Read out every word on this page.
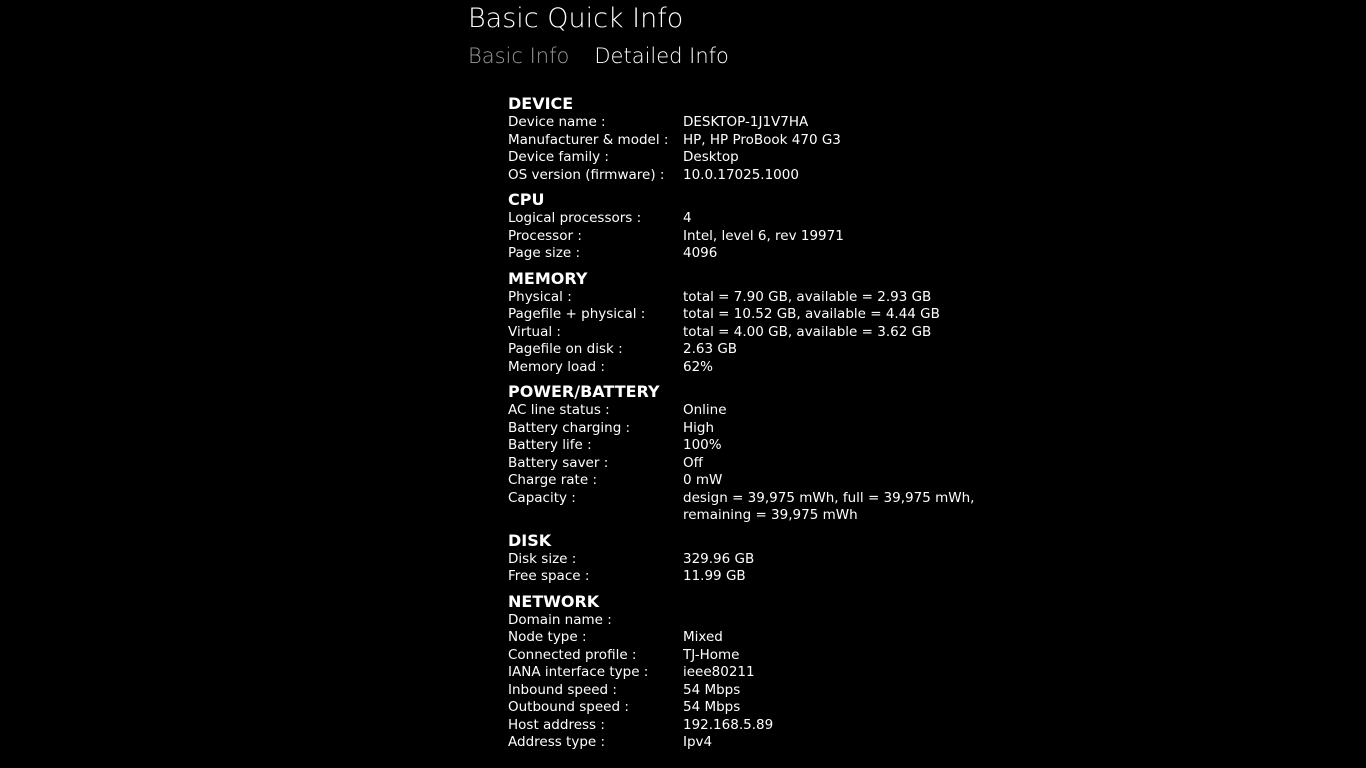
Basic Quick Info
Basic Info Detailed Info
DEVICE
Device name :	DESKTOP-1J1V7HA
Manufacturer & model :	HP, HP ProBook 470 G3
Device family :	Desktop
OS version (firmware) :	10.0.17025.1000
CPU
Logical processors :	4
Processor :	Intel, level 6, rev 19971
Page size :	4096
MEMORY
Physical :	total = 7.90 GB, available = 2.93 GB
Pagefile + physical :	total = 10.52 GB, available = 4.44 GB
Virtual :	total = 4.00 GB, available = 3.62 GB
Pagefile on disk :	2.63 GB
Memory load :	62%
POWER/BATTERY
AC line status :	Online
Battery charging :	High
Battery life :	100%
Battery saver :	Off
Charge rate :	0 mW
Capacity :	design = 39,975 mWh, full = 39,975 mWh,
remaining = 39,975 mWh
DISK
Disk size :	329.96 GB
Free space :	11.99 GB
NETWORK
Domain name :
Node type :	Mixed
Connected profile :	TJ-Home
IANA interface type :	ieee80211
Inbound speed :	54 Mbps
Outbound speed :	54 Mbps
Host address :	192.168.5.89
Address type :	Ipv4
